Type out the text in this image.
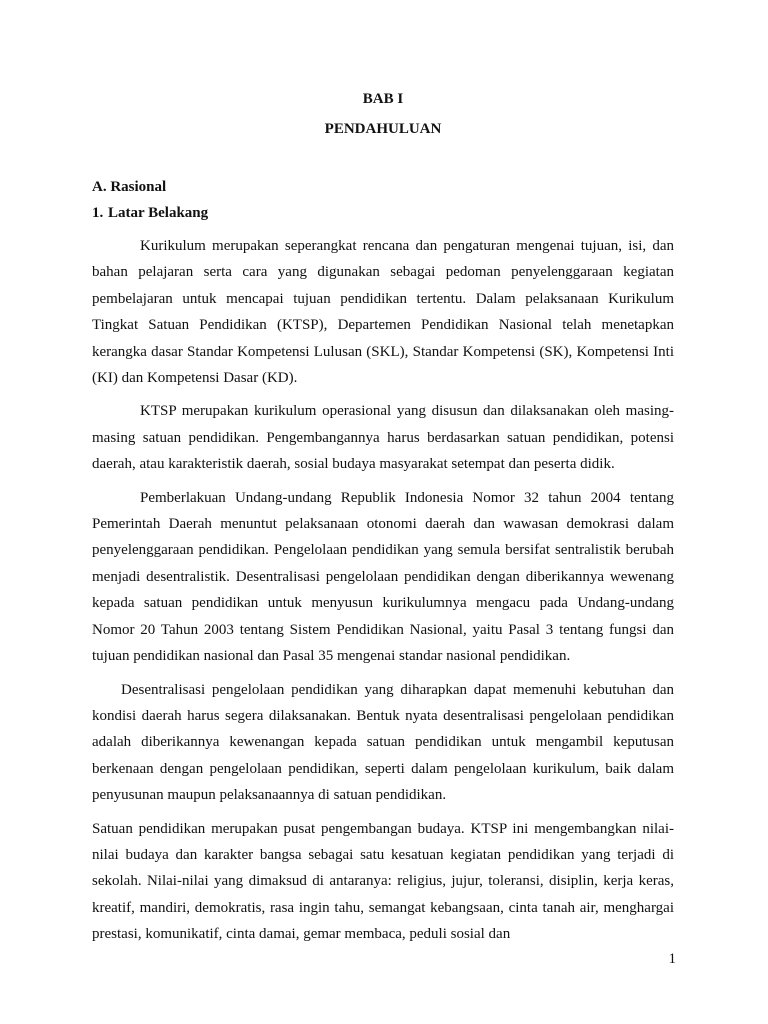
BAB I

PENDAHULUAN

A. Rasional

1. Latar Belakang

Kurikulum merupakan seperangkat rencana dan pengaturan mengenai tujuan, isi, dan bahan pelajaran serta cara yang digunakan sebagai pedoman penyelenggaraan kegiatan pembelajaran untuk mencapai tujuan pendidikan tertentu. Dalam pelaksanaan Kurikulum Tingkat Satuan Pendidikan (KTSP), Departemen Pendidikan Nasional telah menetapkan kerangka dasar Standar Kompetensi Lulusan (SKL), Standar Kompetensi (SK), Kompetensi Inti (KI) dan Kompetensi Dasar (KD).

KTSP merupakan kurikulum operasional yang disusun dan dilaksanakan oleh masing-masing satuan pendidikan. Pengembangannya harus berdasarkan satuan pendidikan, potensi daerah, atau karakteristik daerah, sosial budaya masyarakat setempat dan peserta didik.

Pemberlakuan Undang-undang Republik Indonesia Nomor 32 tahun 2004 tentang Pemerintah Daerah menuntut pelaksanaan otonomi daerah dan wawasan demokrasi dalam penyelenggaraan pendidikan. Pengelolaan pendidikan yang semula bersifat sentralistik berubah menjadi desentralistik. Desentralisasi pengelolaan pendidikan dengan diberikannya wewenang kepada satuan pendidikan untuk menyusun kurikulumnya mengacu pada Undang-undang Nomor 20 Tahun 2003 tentang Sistem Pendidikan Nasional, yaitu Pasal 3 tentang fungsi dan tujuan pendidikan nasional dan Pasal 35 mengenai standar nasional pendidikan.

Desentralisasi pengelolaan pendidikan yang diharapkan dapat memenuhi kebutuhan dan kondisi daerah harus segera dilaksanakan. Bentuk nyata desentralisasi pengelolaan pendidikan adalah diberikannya kewenangan kepada satuan pendidikan untuk mengambil keputusan berkenaan dengan pengelolaan pendidikan, seperti dalam pengelolaan kurikulum, baik dalam penyusunan maupun pelaksanaannya di satuan pendidikan.

Satuan pendidikan merupakan pusat pengembangan budaya. KTSP ini mengembangkan nilai-nilai budaya dan karakter bangsa sebagai satu kesatuan kegiatan pendidikan yang terjadi di sekolah. Nilai-nilai yang dimaksud di antaranya: religius, jujur, toleransi, disiplin, kerja keras, kreatif, mandiri, demokratis, rasa ingin tahu, semangat kebangsaan, cinta tanah air, menghargai prestasi, komunikatif, cinta damai, gemar membaca, peduli sosial dan

1
